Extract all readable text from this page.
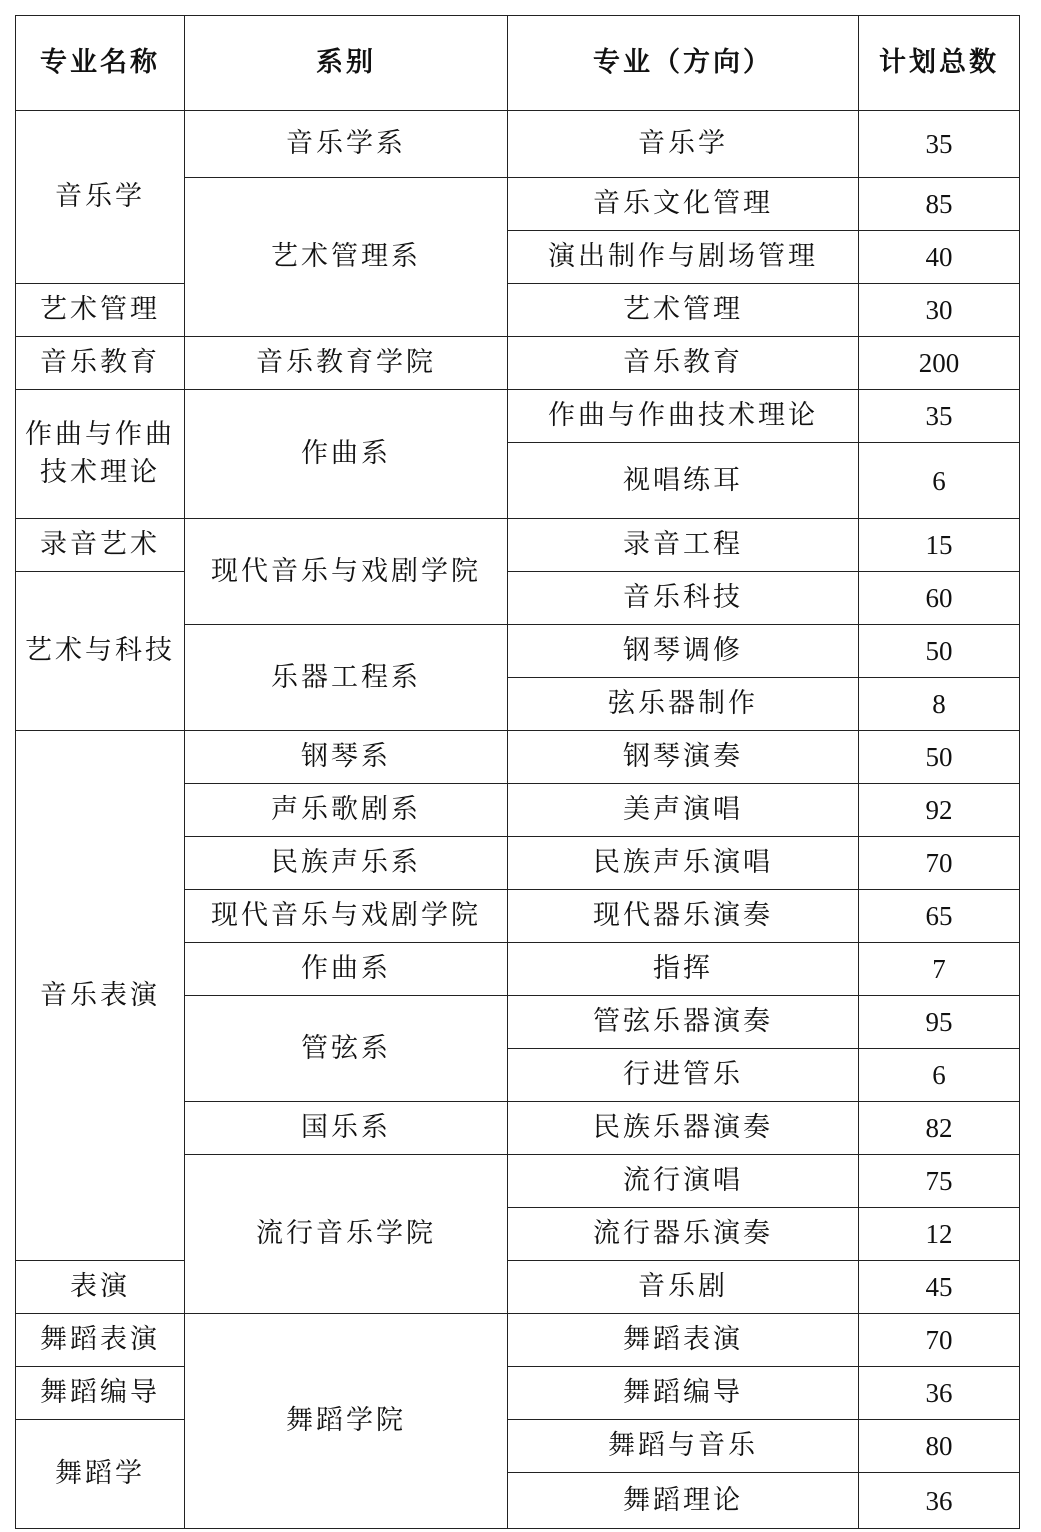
专业名称	系别	专业（方向）	计划总数
音乐学	音乐学系	音乐学	35
	艺术管理系	音乐文化管理	85
		演出制作与剧场管理	40
艺术管理		艺术管理	30
音乐教育	音乐教育学院	音乐教育	200
作曲与作曲技术理论	作曲系	作曲与作曲技术理论	35
		视唱练耳	6
录音艺术	现代音乐与戏剧学院	录音工程	15
艺术与科技		音乐科技	60
	乐器工程系	钢琴调修	50
		弦乐器制作	8
音乐表演	钢琴系	钢琴演奏	50
	声乐歌剧系	美声演唱	92
	民族声乐系	民族声乐演唱	70
	现代音乐与戏剧学院	现代器乐演奏	65
	作曲系	指挥	7
	管弦系	管弦乐器演奏	95
		行进管乐	6
	国乐系	民族乐器演奏	82
	流行音乐学院	流行演唱	75
		流行器乐演奏	12
表演		音乐剧	45
舞蹈表演	舞蹈学院	舞蹈表演	70
舞蹈编导		舞蹈编导	36
舞蹈学		舞蹈与音乐	80
		舞蹈理论	36
